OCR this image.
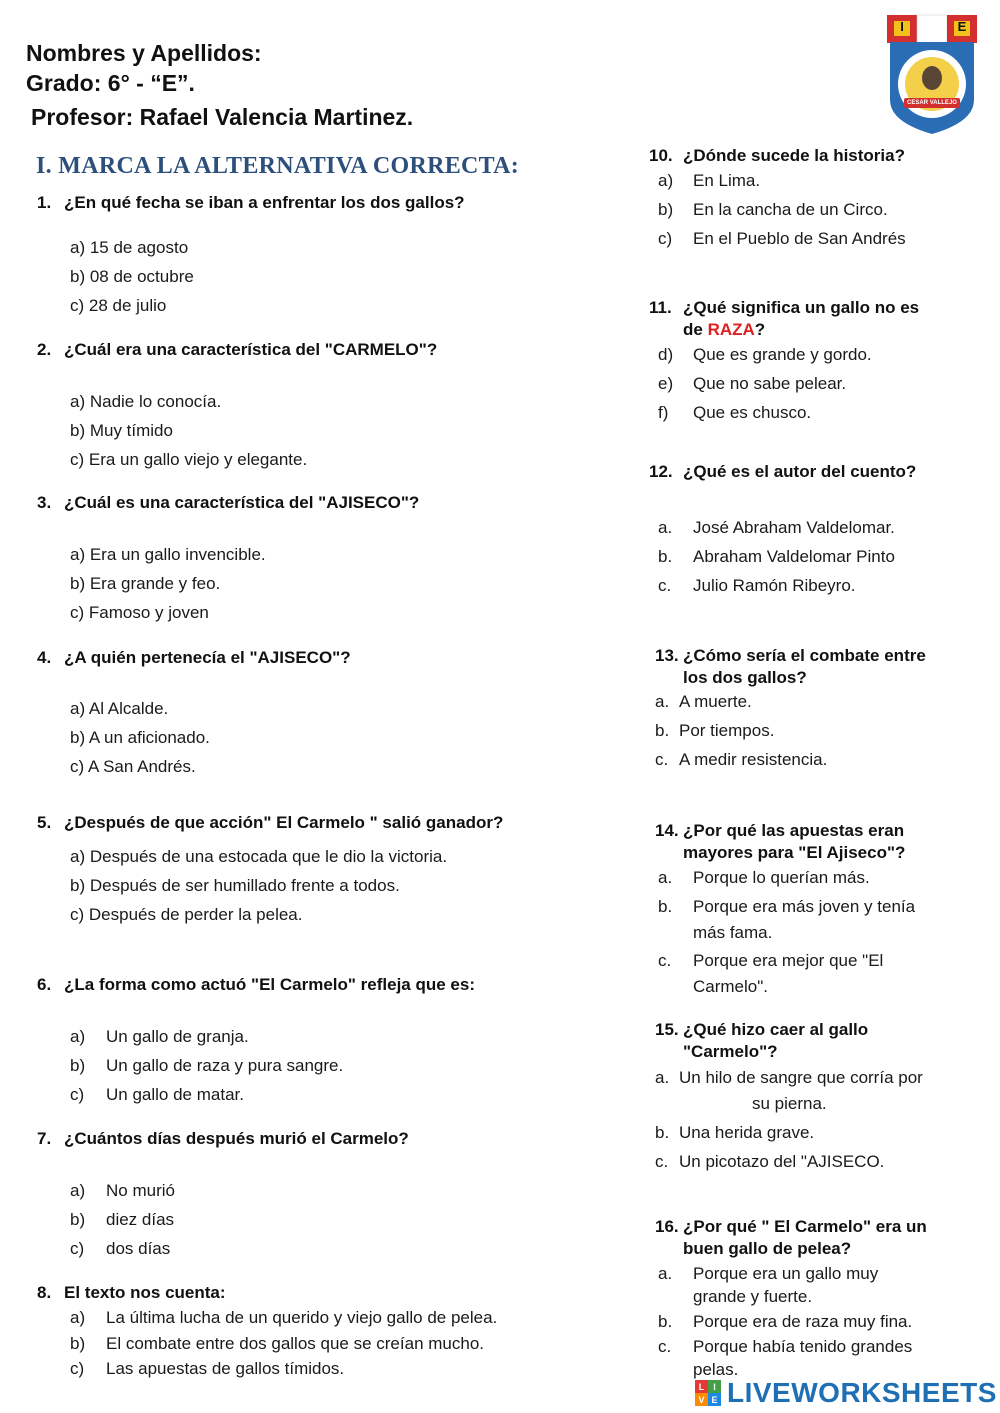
Nombres y Apellidos:
Grado: 6° - “E”.
Profesor: Rafael Valencia Martinez.
I	E
CESAR VALLEJO
I. MARCA LA ALTERNATIVA CORRECTA:
1. ¿En qué fecha se iban a enfrentar los dos gallos?
a) 15 de agosto
b) 08 de octubre
c) 28 de julio
2. ¿Cuál era una característica del "CARMELO"?
a) Nadie lo conocía.
b) Muy tímido
c) Era un gallo viejo y elegante.
3. ¿Cuál es una característica del "AJISECO"?
a) Era un gallo invencible.
b) Era grande y feo.
c) Famoso y joven
4. ¿A quién pertenecía el "AJISECO"?
a) Al Alcalde.
b) A un aficionado.
c) A San Andrés.
5. ¿Después de que acción" El Carmelo " salió ganador?
a) Después de una estocada que le dio la victoria.
b) Después de ser humillado frente a todos.
c) Después de perder la pelea.
6. ¿La forma como actuó "El Carmelo" refleja que es:
a) Un gallo de granja.
b) Un gallo de raza y pura sangre.
c) Un gallo de matar.
7. ¿Cuántos días después murió el Carmelo?
a) No murió
b) diez días
c) dos días
8. El texto nos cuenta:
a) La última lucha de un querido y viejo gallo de pelea.
b) El combate entre dos gallos que se creían mucho.
c) Las apuestas de gallos tímidos.
10. ¿Dónde sucede la historia?
a) En Lima.
b) En la cancha de un Circo.
c) En el Pueblo de San Andrés
11. ¿Qué significa un gallo no es
de RAZA?
d) Que es grande y gordo.
e) Que no sabe pelear.
f) Que es chusco.
12. ¿Qué es el autor del cuento?
a. José Abraham Valdelomar.
b. Abraham Valdelomar Pinto
c. Julio Ramón Ribeyro.
13. ¿Cómo sería el combate entre
los dos gallos?
a. A muerte.
b. Por tiempos.
c. A medir resistencia.
14. ¿Por qué las apuestas eran
mayores para "El Ajiseco"?
a. Porque lo querían más.
b. Porque era más joven y tenía
más fama.
c. Porque era mejor que "El
Carmelo".
15. ¿Qué hizo caer al gallo
"Carmelo"?
a. Un hilo de sangre que corría por
su pierna.
b. Una herida grave.
c. Un picotazo del "AJISECO.
16. ¿Por qué " El Carmelo" era un
buen gallo de pelea?
a. Porque era un gallo muy
grande y fuerte.
b. Porque era de raza muy fina.
c. Porque había tenido grandes
pelas.
L I
V E LIVEWORKSHEETS
